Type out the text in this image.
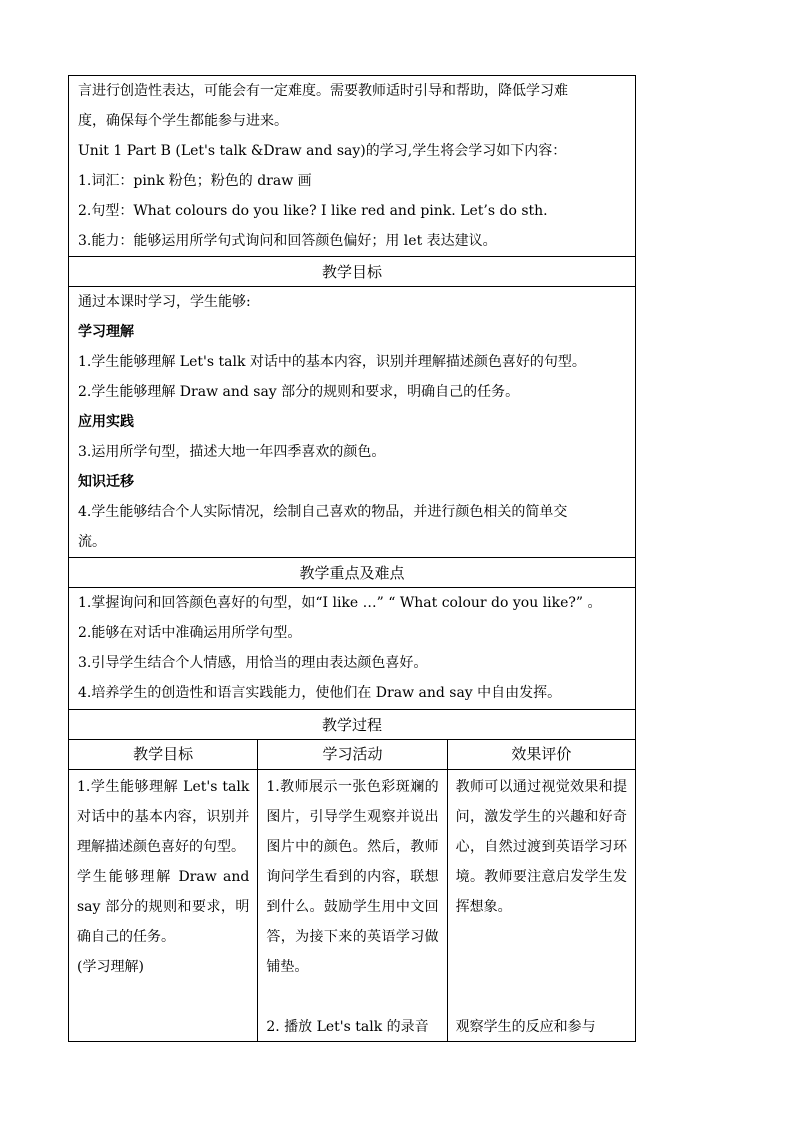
言进行创造性表达，可能会有一定难度。需要教师适时引导和帮助，降低学习难
度，确保每个学生都能参与进来。
Unit 1 Part B (Let's talk &Draw and say)的学习,学生将会学习如下内容：
1.词汇：pink 粉色；粉色的 draw 画
2.句型：What colours do you like? I like red and pink. Let’s do sth.
3.能力：能够运用所学句式询问和回答颜色偏好；用 let 表达建议。
教学目标
通过本课时学习，学生能够:
学习理解
1.学生能够理解 Let's talk 对话中的基本内容，识别并理解描述颜色喜好的句型。
2.学生能够理解 Draw and say 部分的规则和要求，明确自己的任务。
应用实践
3.运用所学句型，描述大地一年四季喜欢的颜色。
知识迁移
4.学生能够结合个人实际情况，绘制自己喜欢的物品，并进行颜色相关的简单交
流。
教学重点及难点
1.掌握询问和回答颜色喜好的句型，如“I like …” “ What colour do you like?” 。
2.能够在对话中准确运用所学句型。
3.引导学生结合个人情感，用恰当的理由表达颜色喜好。
4.培养学生的创造性和语言实践能力，使他们在 Draw and say 中自由发挥。
教学过程
教学目标	学习活动	效果评价

1.学生能够理解 Let's talk 对话中的基本内容，识别并理解描述颜色喜好的句型。

学生能够理解 Draw and say 部分的规则和要求，明确自己的任务。

(学习理解)

1.教师展示一张色彩斑斓的图片，引导学生观察并说出图片中的颜色。然后，教师询问学生看到的内容，联想到什么。鼓励学生用中文回答，为接下来的英语学习做铺垫。

2. 播放 Let's talk 的录音

教师可以通过视觉效果和提问，激发学生的兴趣和好奇心，自然过渡到英语学习环境。教师要注意启发学生发挥想象。

观察学生的反应和参与
